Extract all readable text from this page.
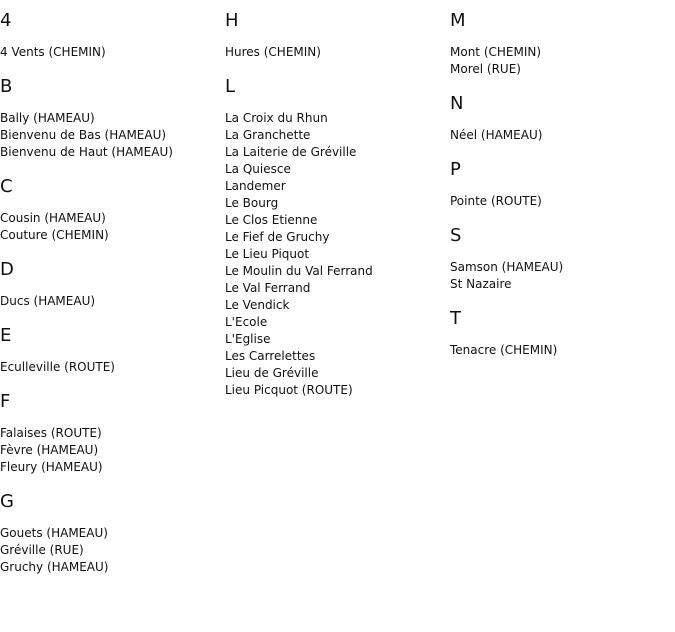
4
4 Vents (CHEMIN)
B
Bally (HAMEAU)
Bienvenu de Bas (HAMEAU)
Bienvenu de Haut (HAMEAU)
C
Cousin (HAMEAU)
Couture (CHEMIN)
D
Ducs (HAMEAU)
E
Eculleville (ROUTE)
F
Falaises (ROUTE)
Fèvre (HAMEAU)
Fleury (HAMEAU)
G
Gouets (HAMEAU)
Gréville (RUE)
Gruchy (HAMEAU)
H
Hures (CHEMIN)
L
La Croix du Rhun
La Granchette
La Laiterie de Gréville
La Quiesce
Landemer
Le Bourg
Le Clos Etienne
Le Fief de Gruchy
Le Lieu Piquot
Le Moulin du Val Ferrand
Le Val Ferrand
Le Vendick
L'Ecole
L'Eglise
Les Carrelettes
Lieu de Gréville
Lieu Picquot (ROUTE)
M
Mont (CHEMIN)
Morel (RUE)
N
Néel (HAMEAU)
P
Pointe (ROUTE)
S
Samson (HAMEAU)
St Nazaire
T
Tenacre (CHEMIN)
